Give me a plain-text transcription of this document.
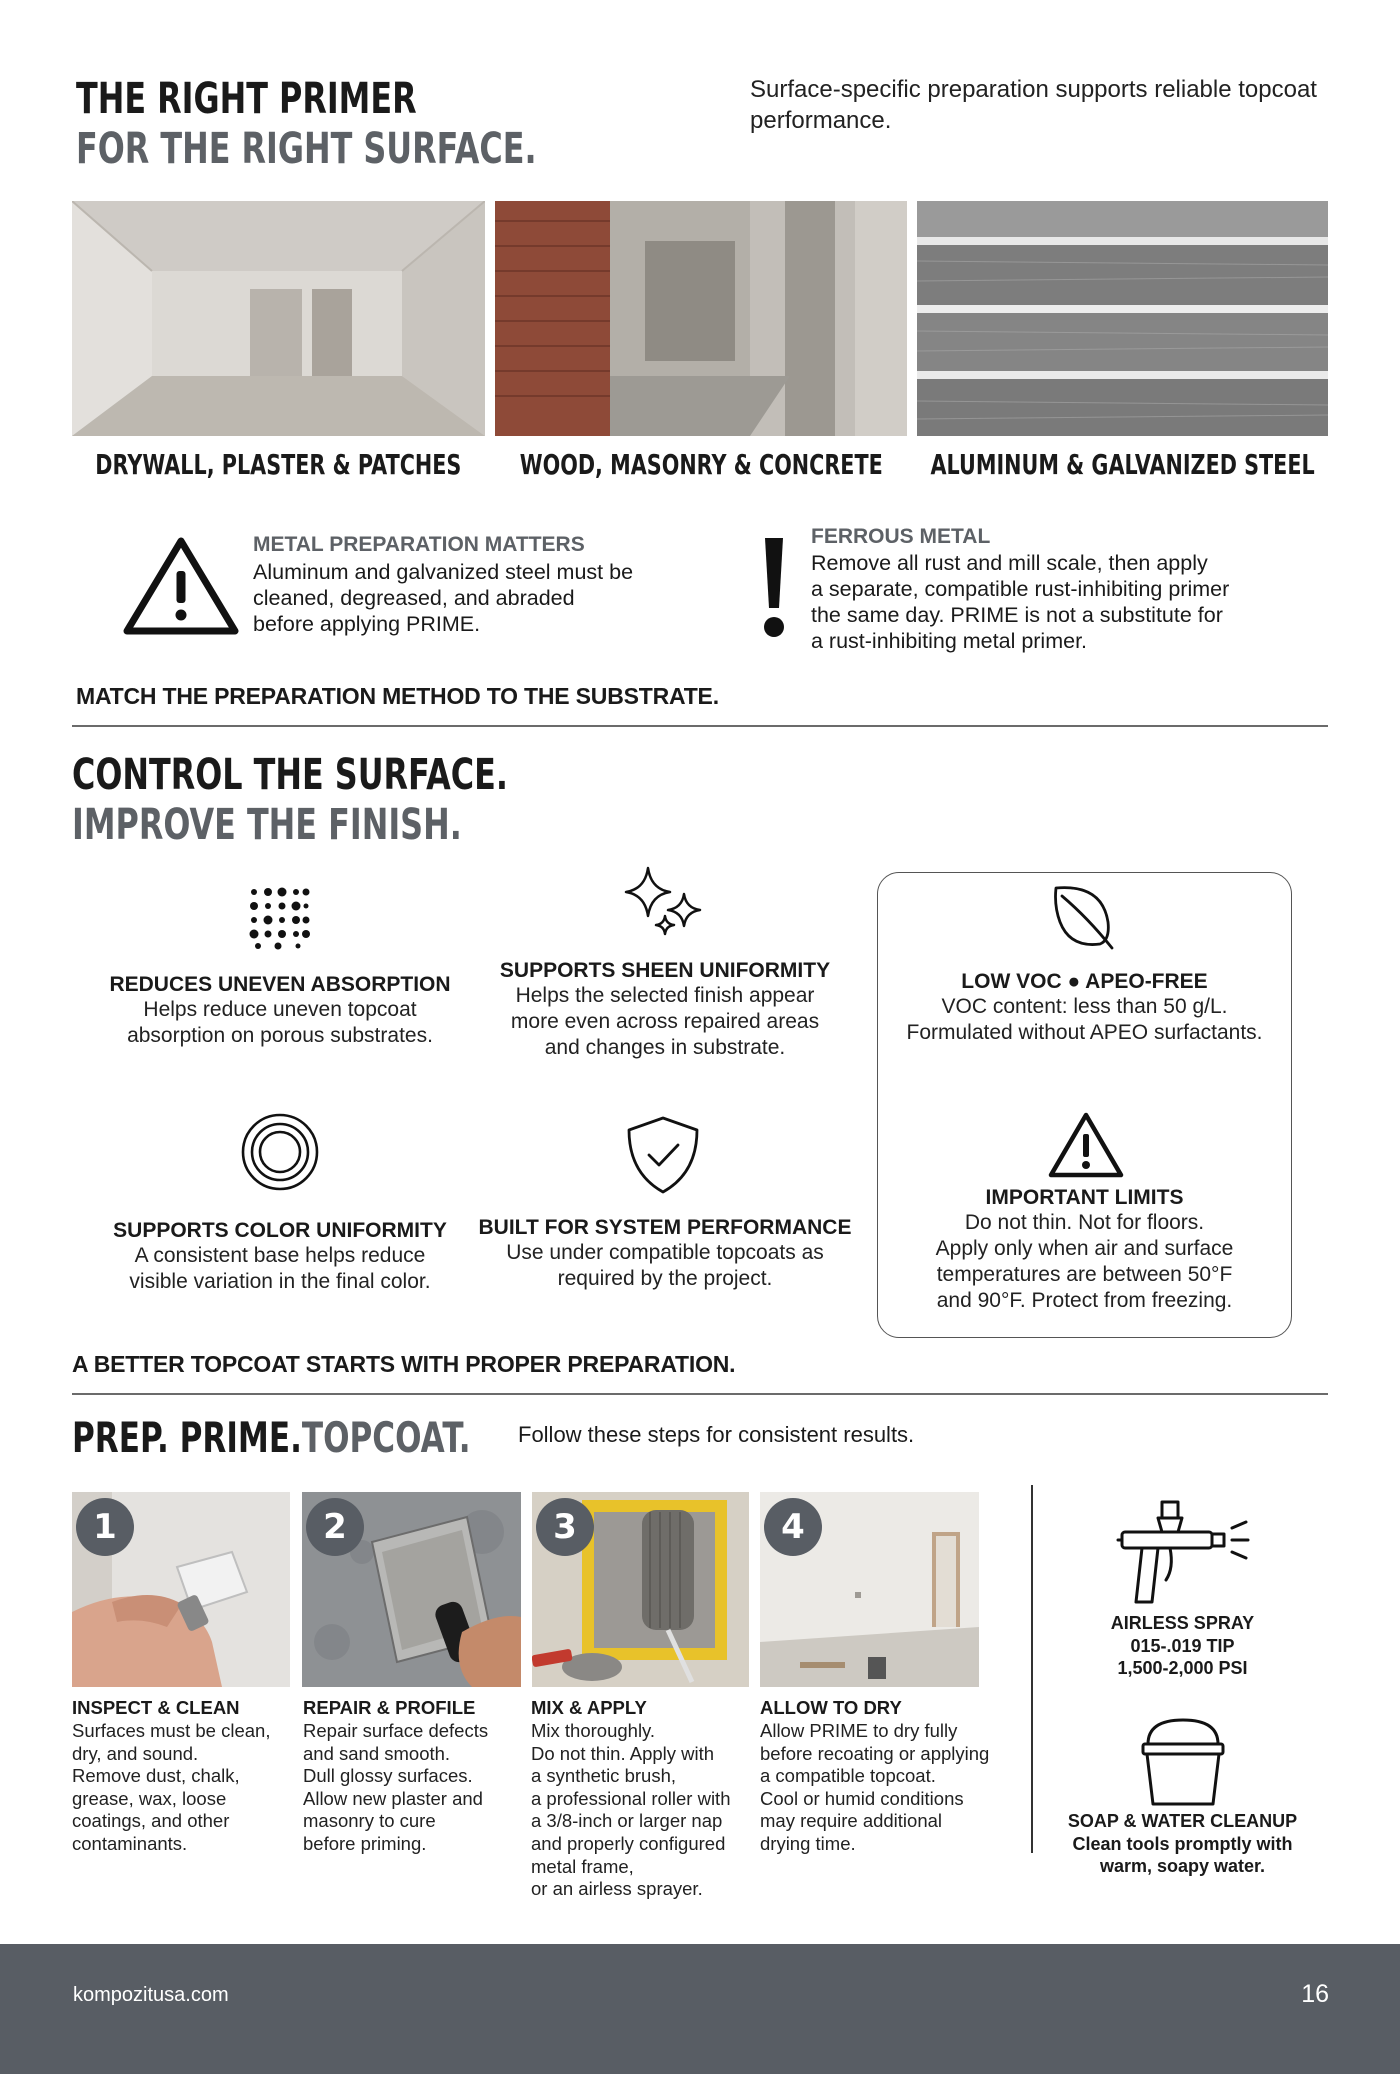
THE RIGHT PRIMER
FOR THE RIGHT SURFACE.
Surface-specific preparation supports reliable topcoat performance.
DRYWALL, PLASTER & PATCHES WOOD, MASONRY & CONCRETE ALUMINUM & GALVANIZED STEEL
METAL PREPARATION MATTERS
Aluminum and galvanized steel must be
cleaned, degreased, and abraded
before applying PRIME.
FERROUS METAL
Remove all rust and mill scale, then apply
a separate, compatible rust-inhibiting primer
the same day. PRIME is not a substitute for
a rust-inhibiting metal primer.
MATCH THE PREPARATION METHOD TO THE SUBSTRATE.
CONTROL THE SURFACE.
IMPROVE THE FINISH.
REDUCES UNEVEN ABSORPTION
Helps reduce uneven topcoat
absorption on porous substrates.
SUPPORTS SHEEN UNIFORMITY
Helps the selected finish appear
more even across repaired areas
and changes in substrate.
LOW VOC ● APEO-FREE
VOC content: less than 50 g/L.
Formulated without APEO surfactants.
IMPORTANT LIMITS
Do not thin. Not for floors.
Apply only when air and surface
temperatures are between 50°F
and 90°F. Protect from freezing.
SUPPORTS COLOR UNIFORMITY
A consistent base helps reduce
visible variation in the final color.
BUILT FOR SYSTEM PERFORMANCE
Use under compatible topcoats as
required by the project.
A BETTER TOPCOAT STARTS WITH PROPER PREPARATION.
PREP. PRIME.TOPCOAT.	Follow these steps for consistent results.
1	2	3	4
INSPECT & CLEAN
Surfaces must be clean,
dry, and sound.
Remove dust, chalk,
grease, wax, loose
coatings, and other
contaminants.
REPAIR & PROFILE
Repair surface defects
and sand smooth.
Dull glossy surfaces.
Allow new plaster and
masonry to cure
before priming.
MIX & APPLY
Mix thoroughly.
Do not thin. Apply with
a synthetic brush,
a professional roller with
a 3/8-inch or larger nap
and properly configured
metal frame,
or an airless sprayer.
ALLOW TO DRY
Allow PRIME to dry fully
before recoating or applying
a compatible topcoat.
Cool or humid conditions
may require additional
drying time.
AIRLESS SPRAY
015-.019 TIP
1,500-2,000 PSI
SOAP & WATER CLEANUP
Clean tools promptly with
warm, soapy water.
kompozitusa.com	16
